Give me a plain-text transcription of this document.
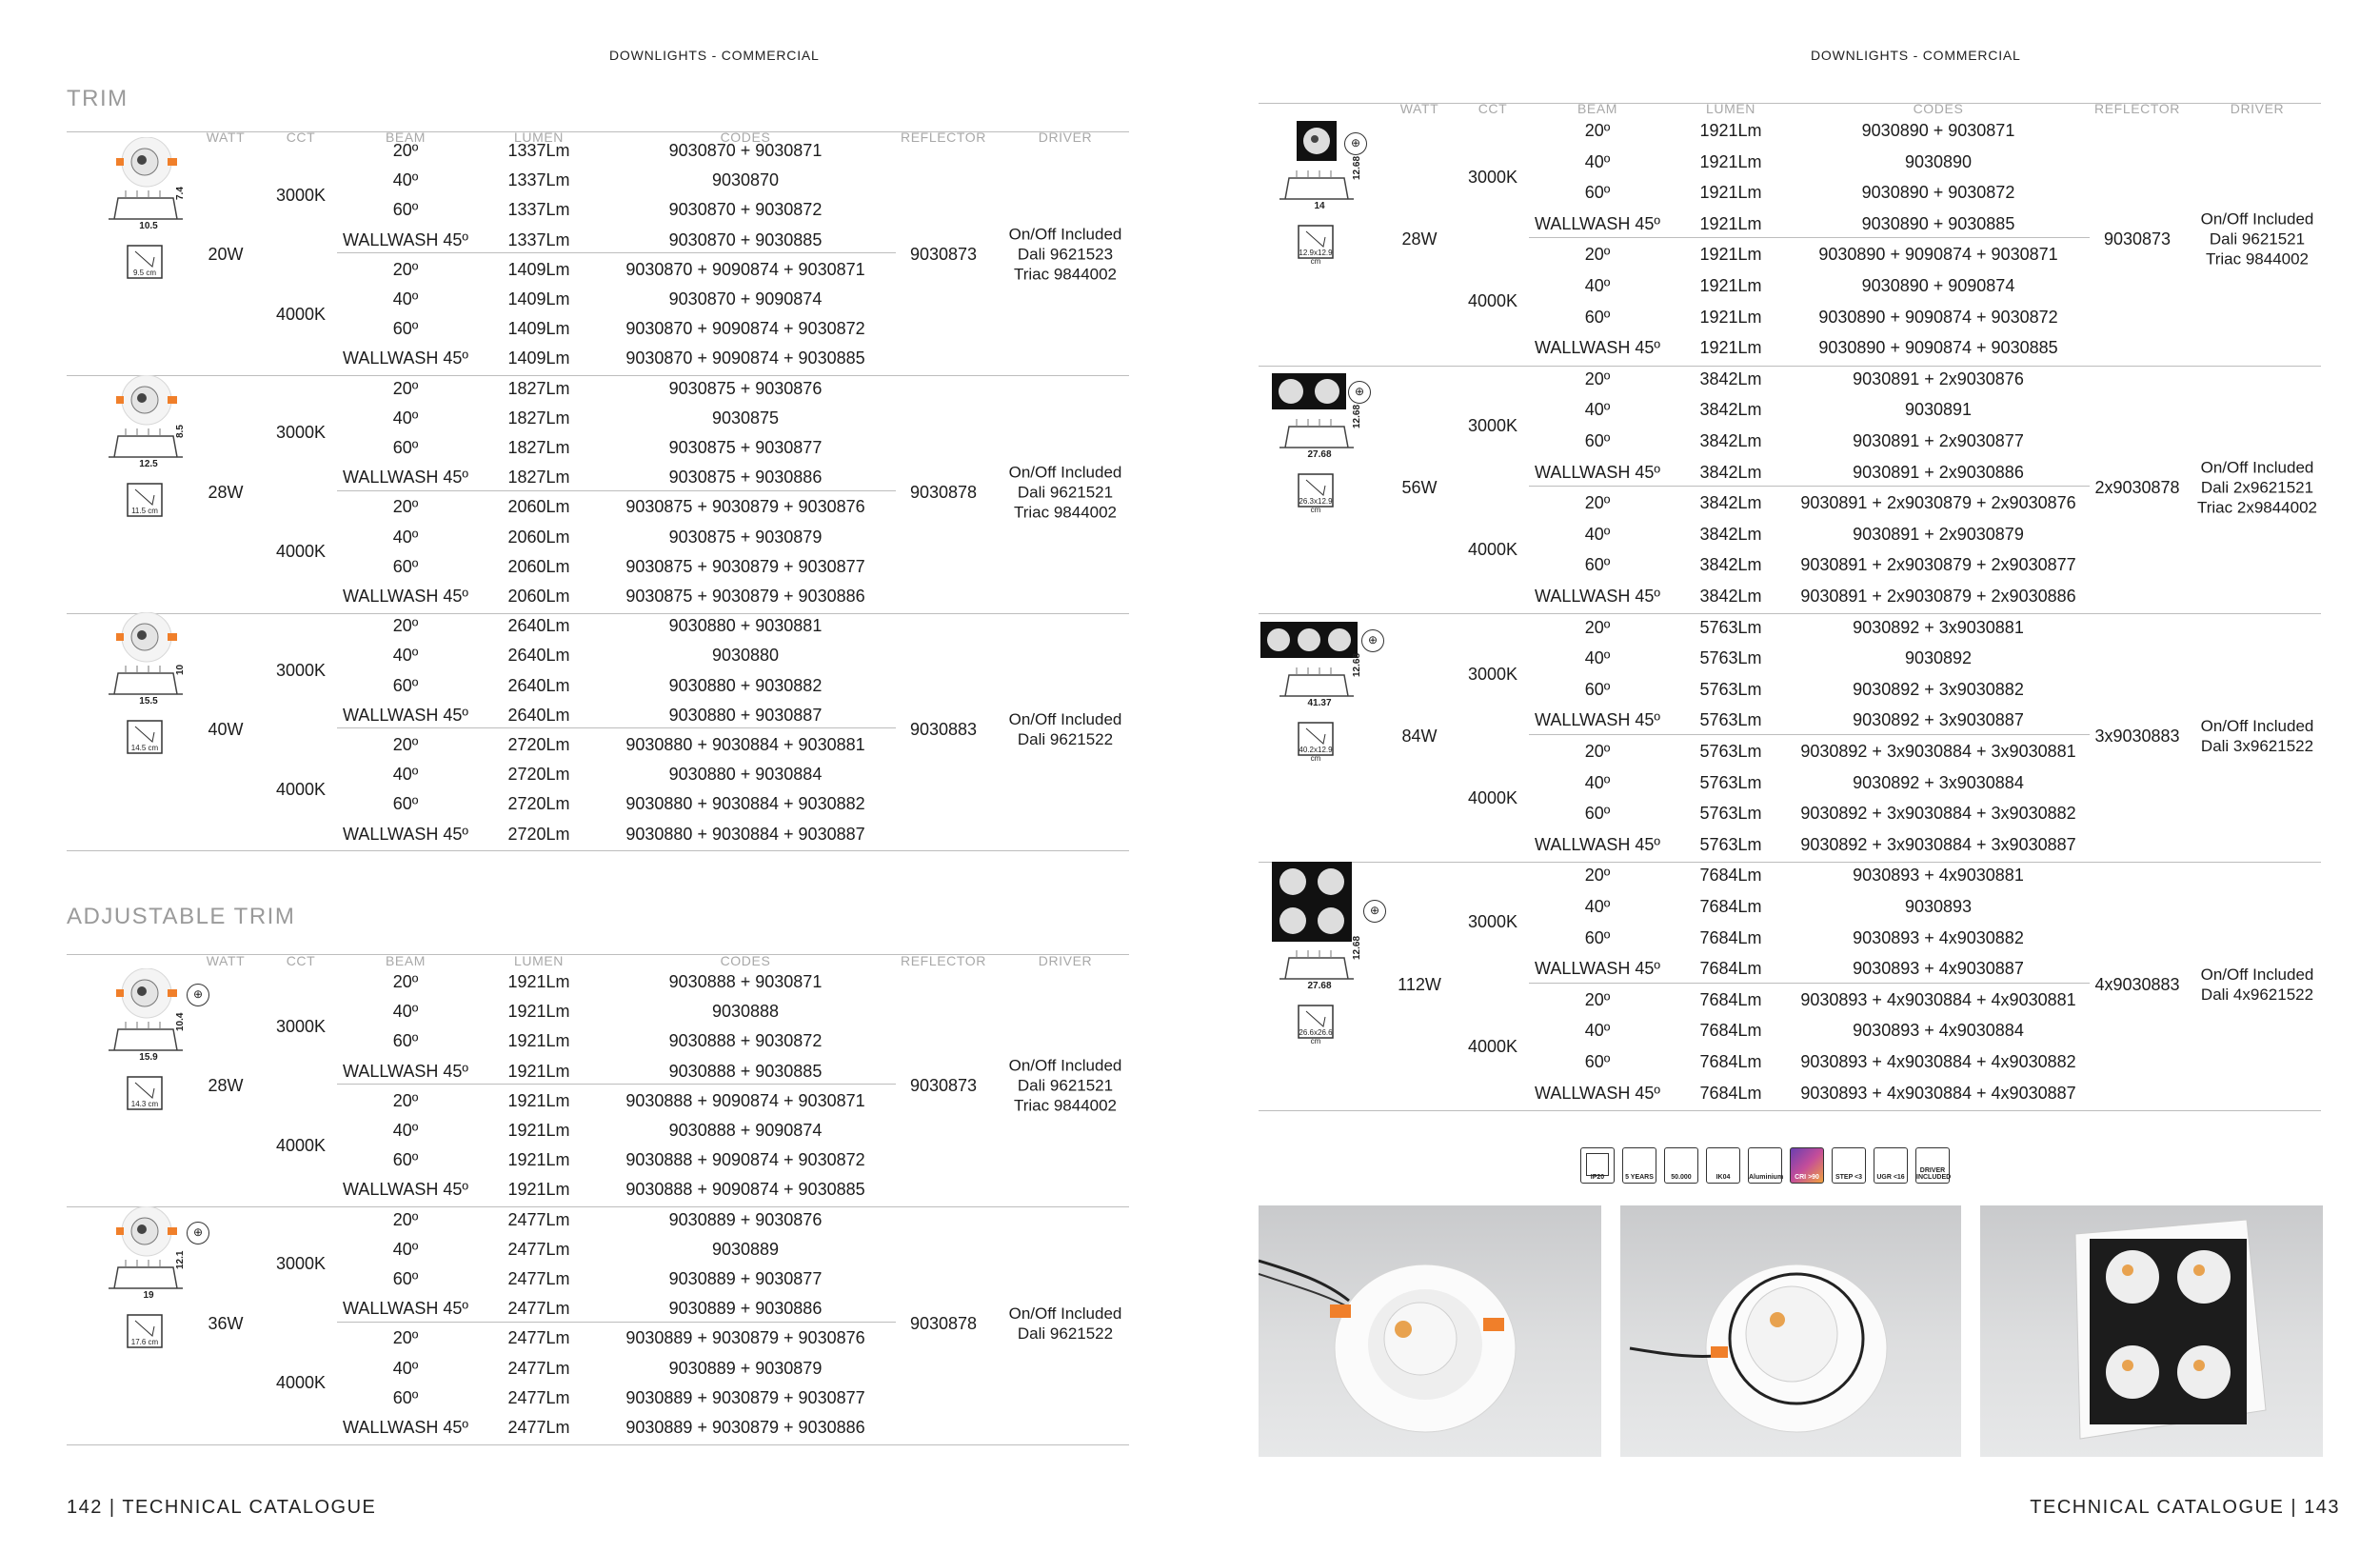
DOWNLIGHTS - COMMERCIAL
142 | TECHNICAL CATALOGUE
TRIM
WATT	CCT	BEAM	LUMEN	CODES	REFLECTOR	DRIVER
10.5
7.4
9.5 cm
20W	9030873
On/Off Included
Dali 9621523
Triac 9844002
3000K
20º	1337Lm	9030870 + 9030871
40º	1337Lm	9030870
60º	1337Lm	9030870 + 9030872
WALLWASH 45º 1337Lm	9030870 + 9030885
4000K
20º	1409Lm	9030870 + 9090874 + 9030871
40º	1409Lm	9030870 + 9090874
60º	1409Lm	9030870 + 9090874 + 9030872
WALLWASH 45º 1409Lm	9030870 + 9090874 + 9030885
12.5
8.5
11.5 cm
28W	9030878
On/Off Included
Dali 9621521
Triac 9844002
3000K
20º	1827Lm	9030875 + 9030876
40º	1827Lm	9030875
60º	1827Lm	9030875 + 9030877
WALLWASH 45º 1827Lm	9030875 + 9030886
4000K
20º	2060Lm	9030875 + 9030879 + 9030876
40º	2060Lm	9030875 + 9030879
60º	2060Lm	9030875 + 9030879 + 9030877
WALLWASH 45º 2060Lm	9030875 + 9030879 + 9030886
15.5
10
14.5 cm
40W	9030883
On/Off Included
Dali 9621522
3000K
20º	2640Lm	9030880 + 9030881
40º	2640Lm	9030880
60º	2640Lm	9030880 + 9030882
WALLWASH 45º 2640Lm	9030880 + 9030887
4000K
20º	2720Lm	9030880 + 9030884 + 9030881
40º	2720Lm	9030880 + 9030884
60º	2720Lm	9030880 + 9030884 + 9030882
WALLWASH 45º 2720Lm	9030880 + 9030884 + 9030887
ADJUSTABLE TRIM
WATT	CCT	BEAM	LUMEN	CODES	REFLECTOR	DRIVER
⊕
15.9
10.4
14.3 cm
28W	9030873
On/Off Included
Dali 9621521
Triac 9844002
3000K
20º	1921Lm	9030888 + 9030871
40º	1921Lm	9030888
60º	1921Lm	9030888 + 9030872
WALLWASH 45º 1921Lm	9030888 + 9030885
4000K
20º	1921Lm	9030888 + 9090874 + 9030871
40º	1921Lm	9030888 + 9090874
60º	1921Lm	9030888 + 9090874 + 9030872
WALLWASH 45º 1921Lm	9030888 + 9090874 + 9030885
⊕
19
12.1
17.6 cm
36W	9030878
On/Off Included
Dali 9621522
3000K
20º	2477Lm	9030889 + 9030876
40º	2477Lm	9030889
60º	2477Lm	9030889 + 9030877
WALLWASH 45º 2477Lm	9030889 + 9030886
4000K
20º	2477Lm	9030889 + 9030879 + 9030876
40º	2477Lm	9030889 + 9030879
60º	2477Lm	9030889 + 9030879 + 9030877
WALLWASH 45º 2477Lm	9030889 + 9030879 + 9030886
DOWNLIGHTS - COMMERCIAL
TECHNICAL CATALOGUE | 143
IP20	5 YEARS	50.000	IK04	Aluminium	CRI >90	STEP <3	UGR <16
DRIVER INCLUDED
WATT	CCT	BEAM	LUMEN	CODES	REFLECTOR	DRIVER
⊕
14
12.68
12.9x12.9 cm
28W	9030873
On/Off Included
Dali 9621521
Triac 9844002
3000K
20º	1921Lm	9030890 + 9030871
40º	1921Lm	9030890
60º	1921Lm	9030890 + 9030872
WALLWASH 45º 1921Lm	9030890 + 9030885
4000K
20º	1921Lm	9030890 + 9090874 + 9030871
40º	1921Lm	9030890 + 9090874
60º	1921Lm	9030890 + 9090874 + 9030872
WALLWASH 45º 1921Lm	9030890 + 9090874 + 9030885
⊕
27.68
12.68
26.3x12.9 cm
56W	2x9030878
On/Off Included
Dali 2x9621521
Triac 2x9844002
3000K
20º	3842Lm	9030891 + 2x9030876
40º	3842Lm	9030891
60º	3842Lm	9030891 + 2x9030877
WALLWASH 45º 3842Lm	9030891 + 2x9030886
4000K
20º	3842Lm 9030891 + 2x9030879 + 2x9030876
40º	3842Lm	9030891 + 2x9030879
60º	3842Lm 9030891 + 2x9030879 + 2x9030877
WALLWASH 45º 3842Lm 9030891 + 2x9030879 + 2x9030886
⊕
41.37
12.68
40.2x12.9 cm
84W	3x9030883
On/Off Included
Dali 3x9621522
3000K
20º	5763Lm	9030892 + 3x9030881
40º	5763Lm	9030892
60º	5763Lm	9030892 + 3x9030882
WALLWASH 45º 5763Lm	9030892 + 3x9030887
4000K
20º	5763Lm 9030892 + 3x9030884 + 3x9030881
40º	5763Lm	9030892 + 3x9030884
60º	5763Lm 9030892 + 3x9030884 + 3x9030882
WALLWASH 45º 5763Lm 9030892 + 3x9030884 + 3x9030887
⊕
27.68
12.68
26.6x26.6 cm
112W	4x9030883
On/Off Included
Dali 4x9621522
3000K
20º	7684Lm	9030893 + 4x9030881
40º	7684Lm	9030893
60º	7684Lm	9030893 + 4x9030882
WALLWASH 45º 7684Lm	9030893 + 4x9030887
4000K
20º	7684Lm 9030893 + 4x9030884 + 4x9030881
40º	7684Lm	9030893 + 4x9030884
60º	7684Lm 9030893 + 4x9030884 + 4x9030882
WALLWASH 45º 7684Lm 9030893 + 4x9030884 + 4x9030887
